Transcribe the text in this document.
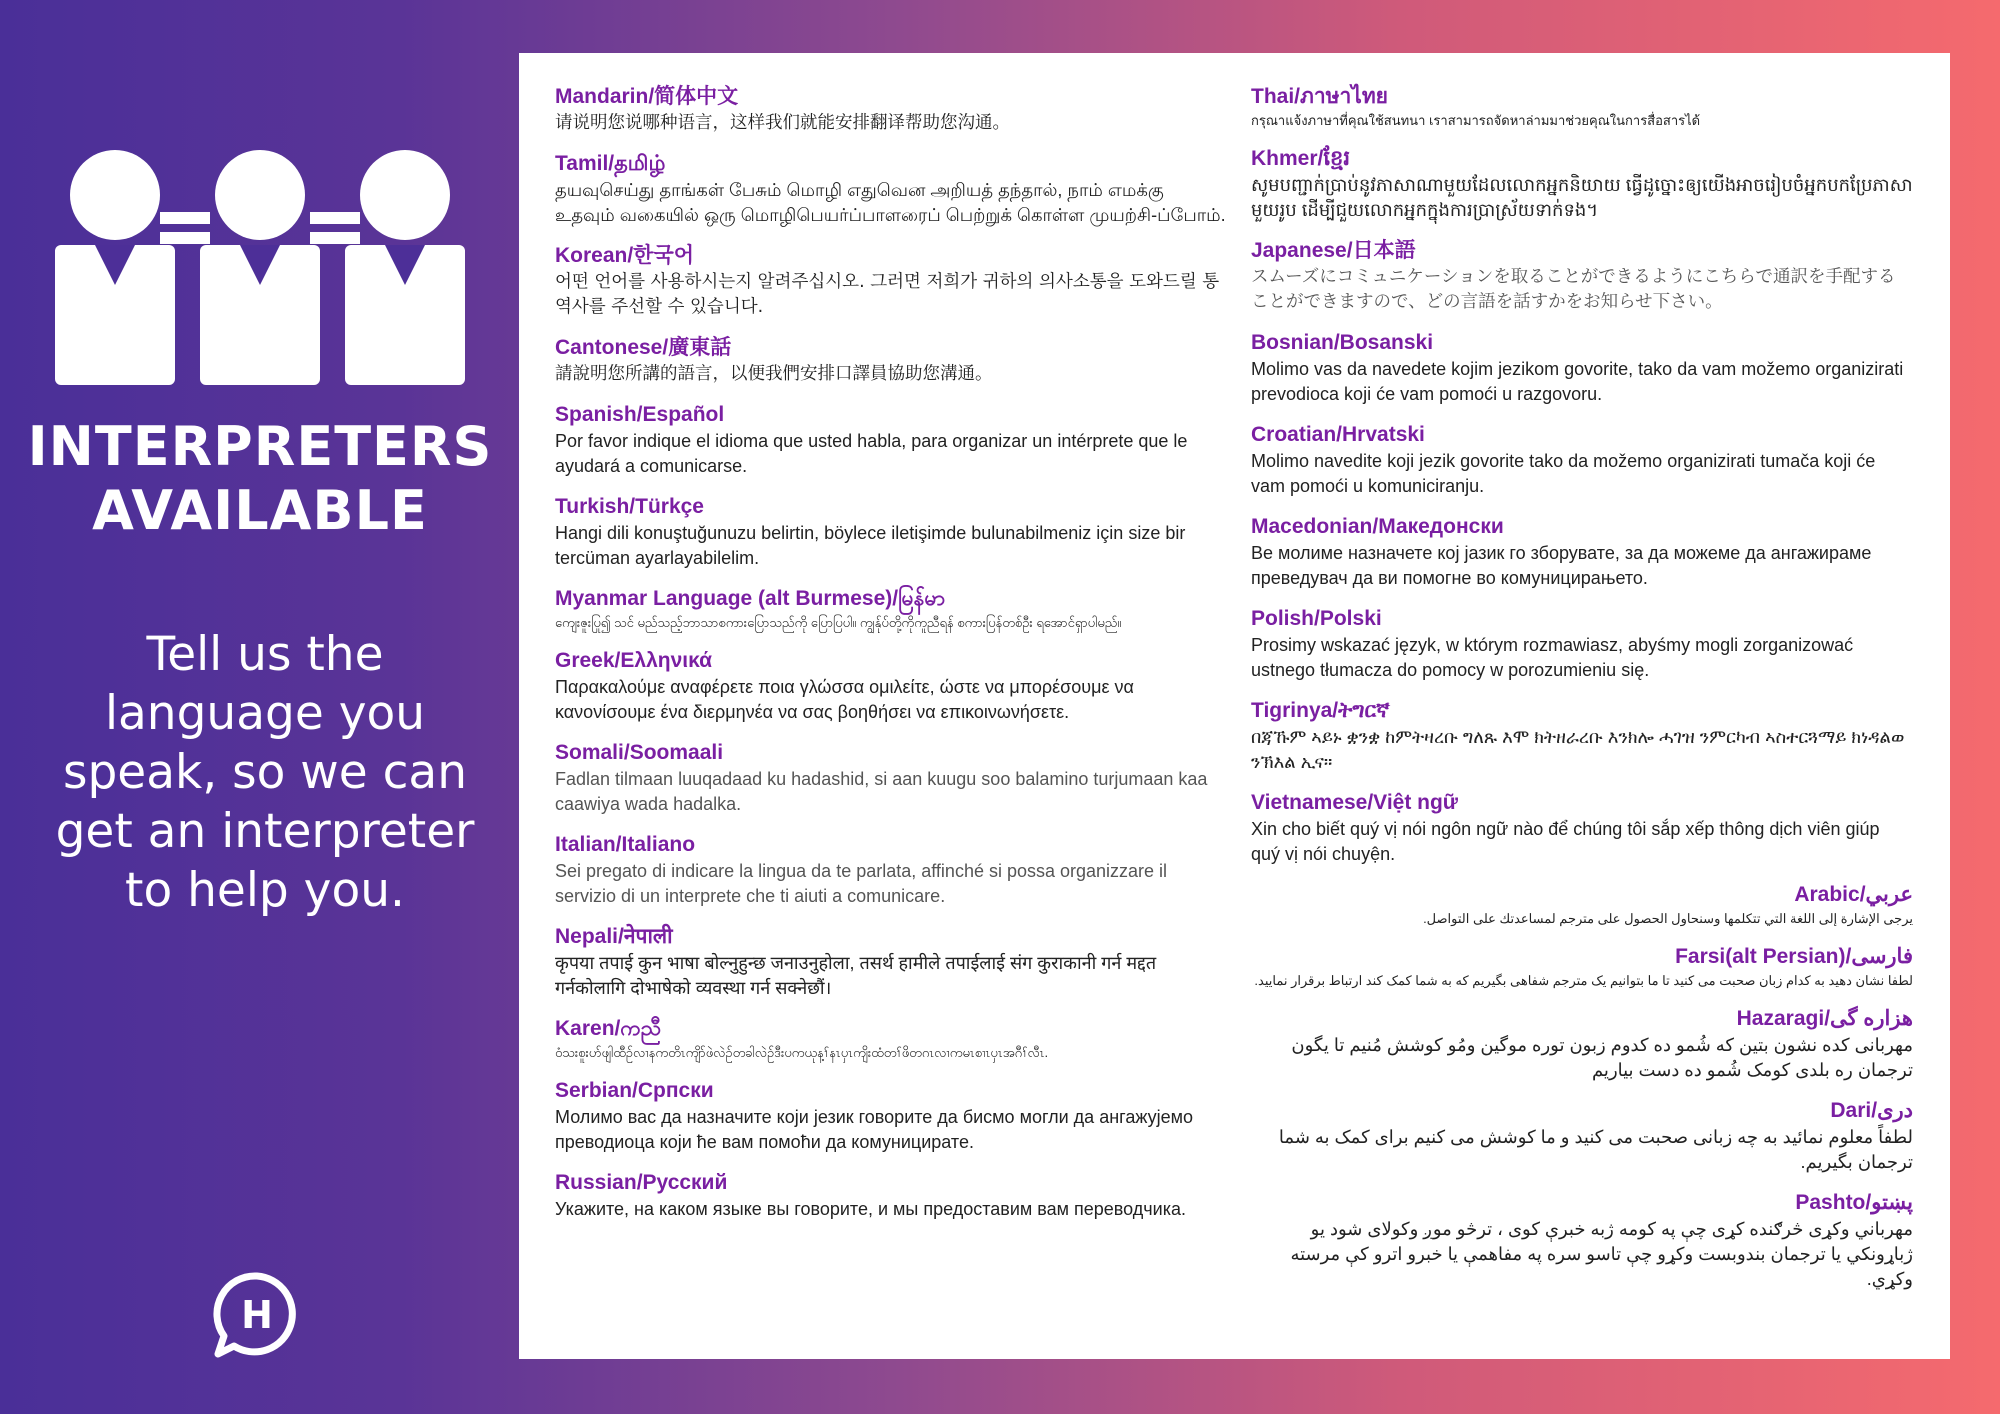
INTERPRETERS
AVAILABLE
Tell us the language you speak, so we can get an interpreter to help you.
H
Mandarin/简体中文
请说明您说哪种语言，这样我们就能安排翻译帮助您沟通。
Tamil/தமிழ்
தயவுசெய்து தாங்கள் பேசும் மொழி எதுவென அறியத் தந்தால், நாம் எமக்கு உதவும் வகையில் ஒரு மொழிபெயர்ப்பாளரைப் பெற்றுக் கொள்ள முயற்சி-ப்போம்.
Korean/한국어
어떤 언어를 사용하시는지 알려주십시오. 그러면 저희가 귀하의 의사소통을 도와드릴 통역사를 주선할 수 있습니다.
Cantonese/廣東話
請說明您所講的語言，以便我們安排口譯員協助您溝通。
Spanish/Español
Por favor indique el idioma que usted habla, para organizar un intérprete que le ayudará a comunicarse.
Turkish/Türkçe
Hangi dili konuştuğunuzu belirtin, böylece iletişimde bulunabilmeniz için size bir tercüman ayarlayabilelim.
Myanmar Language (alt Burmese)/မြန်မာ
ကျေးဇူးပြု၍ သင် မည်သည့်ဘာသာစကားပြောသည်ကို ပြောပြပါ။ ကျွန်ုပ်တို့ကိုကူညီရန် စကားပြန်တစ်ဦး ရအောင်ရှာပါမည်။
Greek/Ελληνικά
Παρακαλούμε αναφέρετε ποια γλώσσα ομιλείτε, ώστε να μπορέσουμε να κανονίσουμε ένα διερμηνέα να σας βοηθήσει να επικοινωνήσετε.
Somali/Soomaali
Fadlan tilmaan luuqadaad ku hadashid, si aan kuugu soo balamino turjumaan kaa caawiya wada hadalka.
Italian/Italiano
Sei pregato di indicare la lingua da te parlata, affinché si possa organizzare il servizio di un interprete che ti aiuti a comunicare.
Nepali/नेपाली
कृपया तपाई कुन भाषा बोल्नुहुन्छ जनाउनुहोला, तसर्थ हामीले तपाईलाई संग कुराकानी गर्न मद्दत गर्नकोलागि दोभाषेको व्यवस्था गर्न सक्नेछौं।
Karen/ကညီ
ဝံသးစူးဟ်ဖျါထီဉ်လၢနကတိၤကျိာ်ဖဲလဲဉ်တခါလဲဉ်ဒီးပကယုန့ၢ်နၤပှၤကျိးထံတၢ်ဖိတဂၤလၢကမၤစၢၤပှၤအဂီၢ်လီၤ.
Serbian/Српски
Молимо вас да назначите који језик говорите да бисмо могли да ангажујемо преводиоца који ће вам помоћи да комуницирате.
Russian/Русский
Укажите, на каком языке вы говорите, и мы предоставим вам переводчика.
Thai/ภาษาไทย
กรุณาแจ้งภาษาที่คุณใช้สนทนา เราสามารถจัดหาล่ามมาช่วยคุณในการสื่อสารได้
Khmer/ខ្មែរ
សូមបញ្ជាក់ប្រាប់នូវភាសាណាមួយដែលលោកអ្នកនិយាយ ធ្វើដូច្នោះឲ្យយើងអាចរៀបចំអ្នកបកប្រែភាសាមួយរូប ដើម្បីជួយលោកអ្នកក្នុងការប្រាស្រ័យទាក់ទង។
Japanese/日本語
スムーズにコミュニケーションを取ることができるようにこちらで通訳を手配することができますので、どの言語を話すかをお知らせ下さい。
Bosnian/Bosanski
Molimo vas da navedete kojim jezikom govorite, tako da vam možemo organizirati prevodioca koji će vam pomoći u razgovoru.
Croatian/Hrvatski
Molimo navedite koji jezik govorite tako da možemo organizirati tumača koji će vam pomoći u komuniciranju.
Macedonian/Македонски
Ве молиме назначете кој јазик го зборувате, за да можеме да ангажираме преведувач да ви помогне во комуницирањето.
Polish/Polski
Prosimy wskazać język, w którym rozmawiasz, abyśmy mogli zorganizować ustnego tłumacza do pomocy w porozumieniu się.
Tigrinya/ትግርኛ
በጃኹም ኣይኑ ቋንቋ ከምትዛረቡ ግለጹ እሞ ክትዘራረቡ እንክሎ ሓገዝ ንምርካብ ኣስተርጓማይ ክነዳልወ ንኽእል ኢና።
Vietnamese/Việt ngữ
Xin cho biết quý vị nói ngôn ngữ nào để chúng tôi sắp xếp thông dịch viên giúp quý vị nói chuyện.
عربي/Arabic
يرجى الإشارة إلى اللغة التي تتكلمها وسنحاول الحصول على مترجم لمساعدتك على التواصل.
فارسی/Farsi(alt Persian)
لطفا نشان دهید به کدام زبان صحبت می کنید تا ما بتوانیم یک مترجم شفاهی بگیریم که به شما کمک کند ارتباط برقرار نمایید.
هزاره گی/Hazaragi
مهربانی کده نشون بتین که شُمو ده کدوم زبون توره موگین ومُو کوشش مُنیم تا یگون ترجمان ره بلدی کومک شُمو ده دست بیاریم
دری/Dari
لطفاً معلوم نمائید به چه زبانی صحبت می کنید و ما کوشش می کنیم برای کمک به شما ترجمان بگیریم.
پښتو/Pashto
مهرباني وکړی څرګنده کړی چې په کومه ژبه خبرې کوی ، ترڅو موږ وکولای شود یو ژباړونکي یا ترجمان بندوبست وکړو چې تاسو سره په مفاهمې یا خبرو اترو کې مرسته وکړي.
